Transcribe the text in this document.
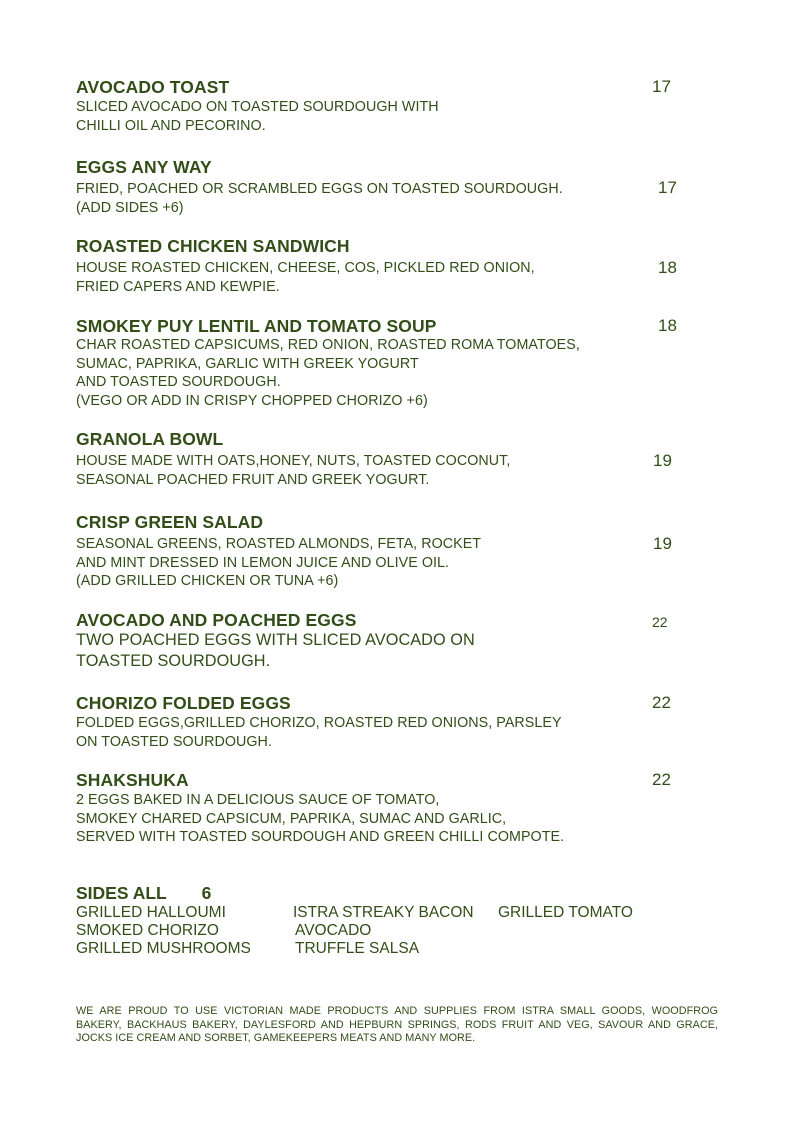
AVOCADO TOAST
SLICED AVOCADO ON TOASTED SOURDOUGH WITH
CHILLI OIL AND PECORINO.
17
EGGS ANY WAY
FRIED, POACHED OR SCRAMBLED EGGS ON TOASTED SOURDOUGH.
(ADD SIDES +6)
17
ROASTED CHICKEN SANDWICH
HOUSE ROASTED CHICKEN, CHEESE, COS, PICKLED RED ONION,
FRIED CAPERS AND KEWPIE.
18
SMOKEY PUY LENTIL AND TOMATO SOUP
CHAR ROASTED CAPSICUMS, RED ONION, ROASTED ROMA TOMATOES,
SUMAC, PAPRIKA, GARLIC WITH GREEK YOGURT
AND TOASTED SOURDOUGH.
(VEGO OR ADD IN CRISPY CHOPPED CHORIZO +6)
18
GRANOLA BOWL
HOUSE MADE WITH OATS,HONEY, NUTS, TOASTED COCONUT,
SEASONAL POACHED FRUIT AND GREEK YOGURT.
19
CRISP GREEN SALAD
SEASONAL GREENS, ROASTED ALMONDS, FETA, ROCKET
AND MINT DRESSED IN LEMON JUICE AND OLIVE OIL.
(ADD GRILLED CHICKEN OR TUNA +6)
19
AVOCADO AND POACHED EGGS
TWO POACHED EGGS WITH SLICED AVOCADO ON
TOASTED SOURDOUGH.
22
CHORIZO FOLDED EGGS
FOLDED EGGS,GRILLED CHORIZO, ROASTED RED ONIONS, PARSLEY
ON TOASTED SOURDOUGH.
22
SHAKSHUKA
2 EGGS BAKED IN A DELICIOUS SAUCE OF TOMATO,
SMOKEY CHARED CAPSICUM, PAPRIKA, SUMAC AND GARLIC,
SERVED WITH TOASTED SOURDOUGH AND GREEN CHILLI COMPOTE.
22
SIDES ALL 6
GRILLED HALLOUMI
SMOKED CHORIZO
GRILLED MUSHROOMS
ISTRA STREAKY BACON
AVOCADO
TRUFFLE SALSA
GRILLED TOMATO
WE ARE PROUD TO USE VICTORIAN MADE PRODUCTS AND SUPPLIES FROM ISTRA SMALL GOODS, WOODFROG BAKERY, BACKHAUS BAKERY, DAYLESFORD AND HEPBURN SPRINGS, RODS FRUIT AND VEG, SAVOUR AND GRACE, JOCKS ICE CREAM AND SORBET, GAMEKEEPERS MEATS AND MANY MORE.
